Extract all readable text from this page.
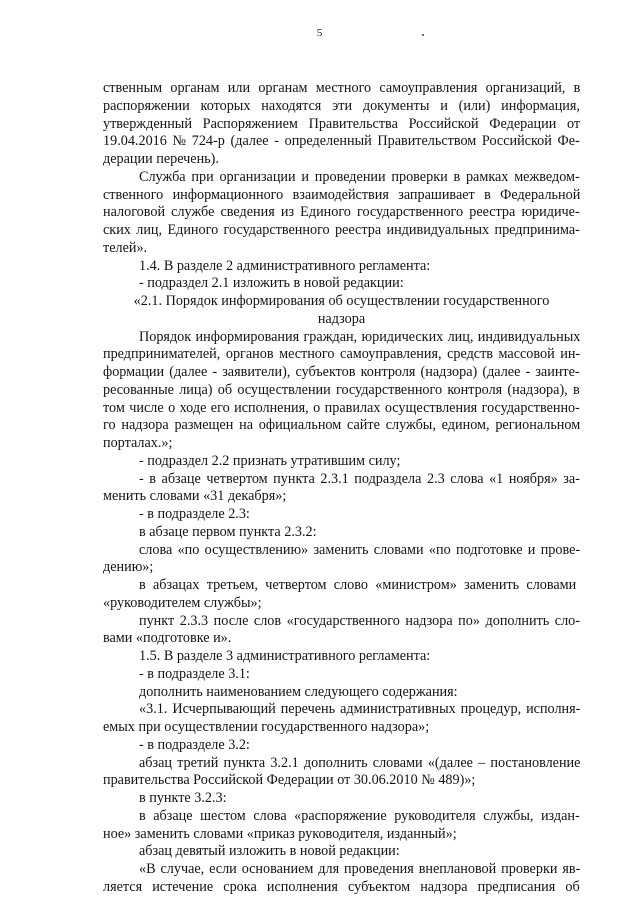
5
ственным органам или органам местного самоуправления организаций, в
распоряжении которых находятся эти документы и (или) информация,
утвержденный Распоряжением Правительства Российской Федерации от
19.04.2016 № 724-р (далее - определенный Правительством Российской Фе-
дерации перечень).
Служба при организации и проведении проверки в рамках межведом-
ственного информационного взаимодействия запрашивает в Федеральной
налоговой службе сведения из Единого государственного реестра юридиче-
ских лиц, Единого государственного реестра индивидуальных предпринима-
телей».
1.4. В разделе 2 административного регламента:
- подраздел 2.1 изложить в новой редакции:
«2.1. Порядок информирования об осуществлении государственного
надзора
Порядок информирования граждан, юридических лиц, индивидуальных
предпринимателей, органов местного самоуправления, средств массовой ин-
формации (далее - заявители), субъектов контроля (надзора) (далее - заинте-
ресованные лица) об осуществлении государственного контроля (надзора), в
том числе о ходе его исполнения, о правилах осуществления государственно-
го надзора размещен на официальном сайте службы, едином, региональном
порталах.»;
- подраздел 2.2 признать утратившим силу;
- в абзаце четвертом пункта 2.3.1 подраздела 2.3 слова «1 ноября» за-
менить словами «31 декабря»;
- в подразделе 2.3:
в абзаце первом пункта 2.3.2:
слова «по осуществлению» заменить словами «по подготовке и прове-
дению»;
в абзацах третьем, четвертом слово «министром» заменить словами
«руководителем службы»;
пункт 2.3.3 после слов «государственного надзора по» дополнить сло-
вами «подготовке и».
1.5. В разделе 3 административного регламента:
- в подразделе 3.1:
дополнить наименованием следующего содержания:
«3.1. Исчерпывающий перечень административных процедур, исполня-
емых при осуществлении государственного надзора»;
- в подразделе 3.2:
абзац третий пункта 3.2.1 дополнить словами «(далее – постановление
правительства Российской Федерации от 30.06.2010 № 489)»;
в пункте 3.2.3:
в абзаце шестом слова «распоряжение руководителя службы, издан-
ное» заменить словами «приказ руководителя, изданный»;
абзац девятый изложить в новой редакции:
«В случае, если основанием для проведения внеплановой проверки яв-
ляется истечение срока исполнения субъектом надзора предписания об
